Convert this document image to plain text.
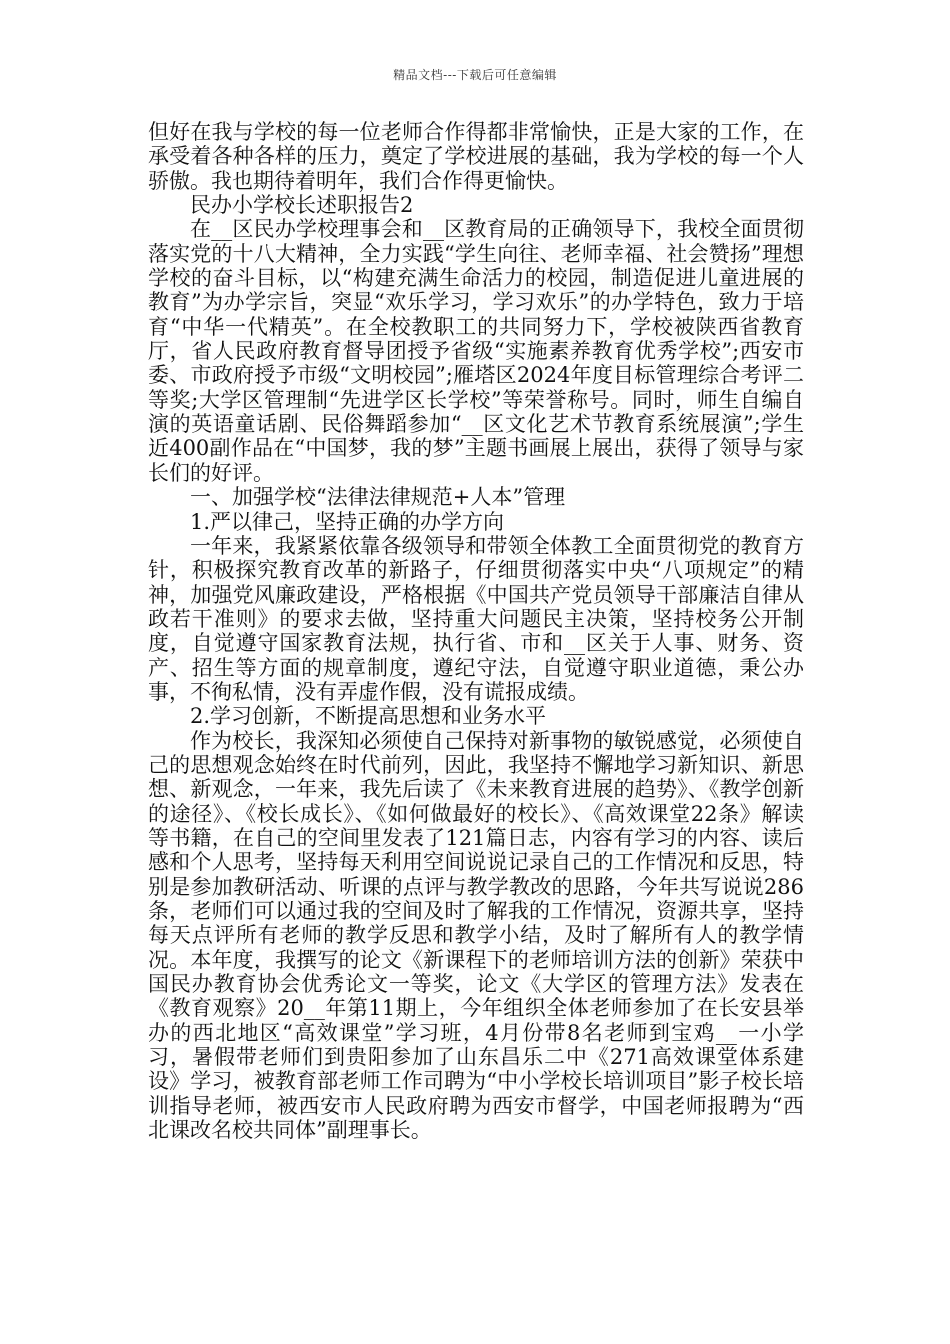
精品文档---下载后可任意编辑

但好在我与学校的每一位老师合作得都非常愉快，正是大家的工作，在承受着各种各样的压力，奠定了学校进展的基础，我为学校的每一个人骄傲。我也期待着明年，我们合作得更愉快。

民办小学校长述职报告2

在__区民办学校理事会和__区教育局的正确领导下，我校全面贯彻落实党的十八大精神，全力实践“学生向往、老师幸福、社会赞扬”理想学校的奋斗目标，以“构建充满生命活力的校园，制造促进儿童进展的教育”为办学宗旨，突显“欢乐学习，学习欢乐”的办学特色，致力于培育“中华一代精英”。在全校教职工的共同努力下，学校被陕西省教育厅，省人民政府教育督导团授予省级“实施素养教育优秀学校”;西安市委、市政府授予市级“文明校园”;雁塔区2024年度目标管理综合考评二等奖;大学区管理制“先进学区长学校”等荣誉称号。同时，师生自编自演的英语童话剧、民俗舞蹈参加“__区文化艺术节教育系统展演”;学生近400副作品在“中国梦，我的梦”主题书画展上展出，获得了领导与家长们的好评。

一、加强学校“法律法律规范+人本”管理

1.严以律己，坚持正确的办学方向

一年来，我紧紧依靠各级领导和带领全体教工全面贯彻党的教育方针，积极探究教育改革的新路子，仔细贯彻落实中央“八项规定”的精神，加强党风廉政建设，严格根据《中国共产党员领导干部廉洁自律从政若干准则》的要求去做，坚持重大问题民主决策，坚持校务公开制度，自觉遵守国家教育法规，执行省、市和__区关于人事、财务、资产、招生等方面的规章制度，遵纪守法，自觉遵守职业道德，秉公办事，不徇私情，没有弄虚作假，没有谎报成绩。

2.学习创新，不断提高思想和业务水平

作为校长，我深知必须使自己保持对新事物的敏锐感觉，必须使自己的思想观念始终在时代前列，因此，我坚持不懈地学习新知识、新思想、新观念，一年来，我先后读了《未来教育进展的趋势》、《教学创新的途径》、《校长成长》、《如何做最好的校长》、《高效课堂22条》解读等书籍，在自己的空间里发表了121篇日志，内容有学习的内容、读后感和个人思考，坚持每天利用空间说说记录自己的工作情况和反思，特别是参加教研活动、听课的点评与教学教改的思路，今年共写说说286条，老师们可以通过我的空间及时了解我的工作情况，资源共享，坚持每天点评所有老师的教学反思和教学小结，及时了解所有人的教学情况。本年度，我撰写的论文《新课程下的老师培训方法的创新》荣获中国民办教育协会优秀论文一等奖，论文《大学区的管理方法》发表在《教育观察》20__年第11期上，今年组织全体老师参加了在长安县举办的西北地区“高效课堂”学习班，4月份带8名老师到宝鸡__一小学习，暑假带老师们到贵阳参加了山东昌乐二中《271高效课堂体系建设》学习，被教育部老师工作司聘为“中小学校长培训项目”影子校长培训指导老师，被西安市人民政府聘为西安市督学，中国老师报聘为“西北课改名校共同体”副理事长。
